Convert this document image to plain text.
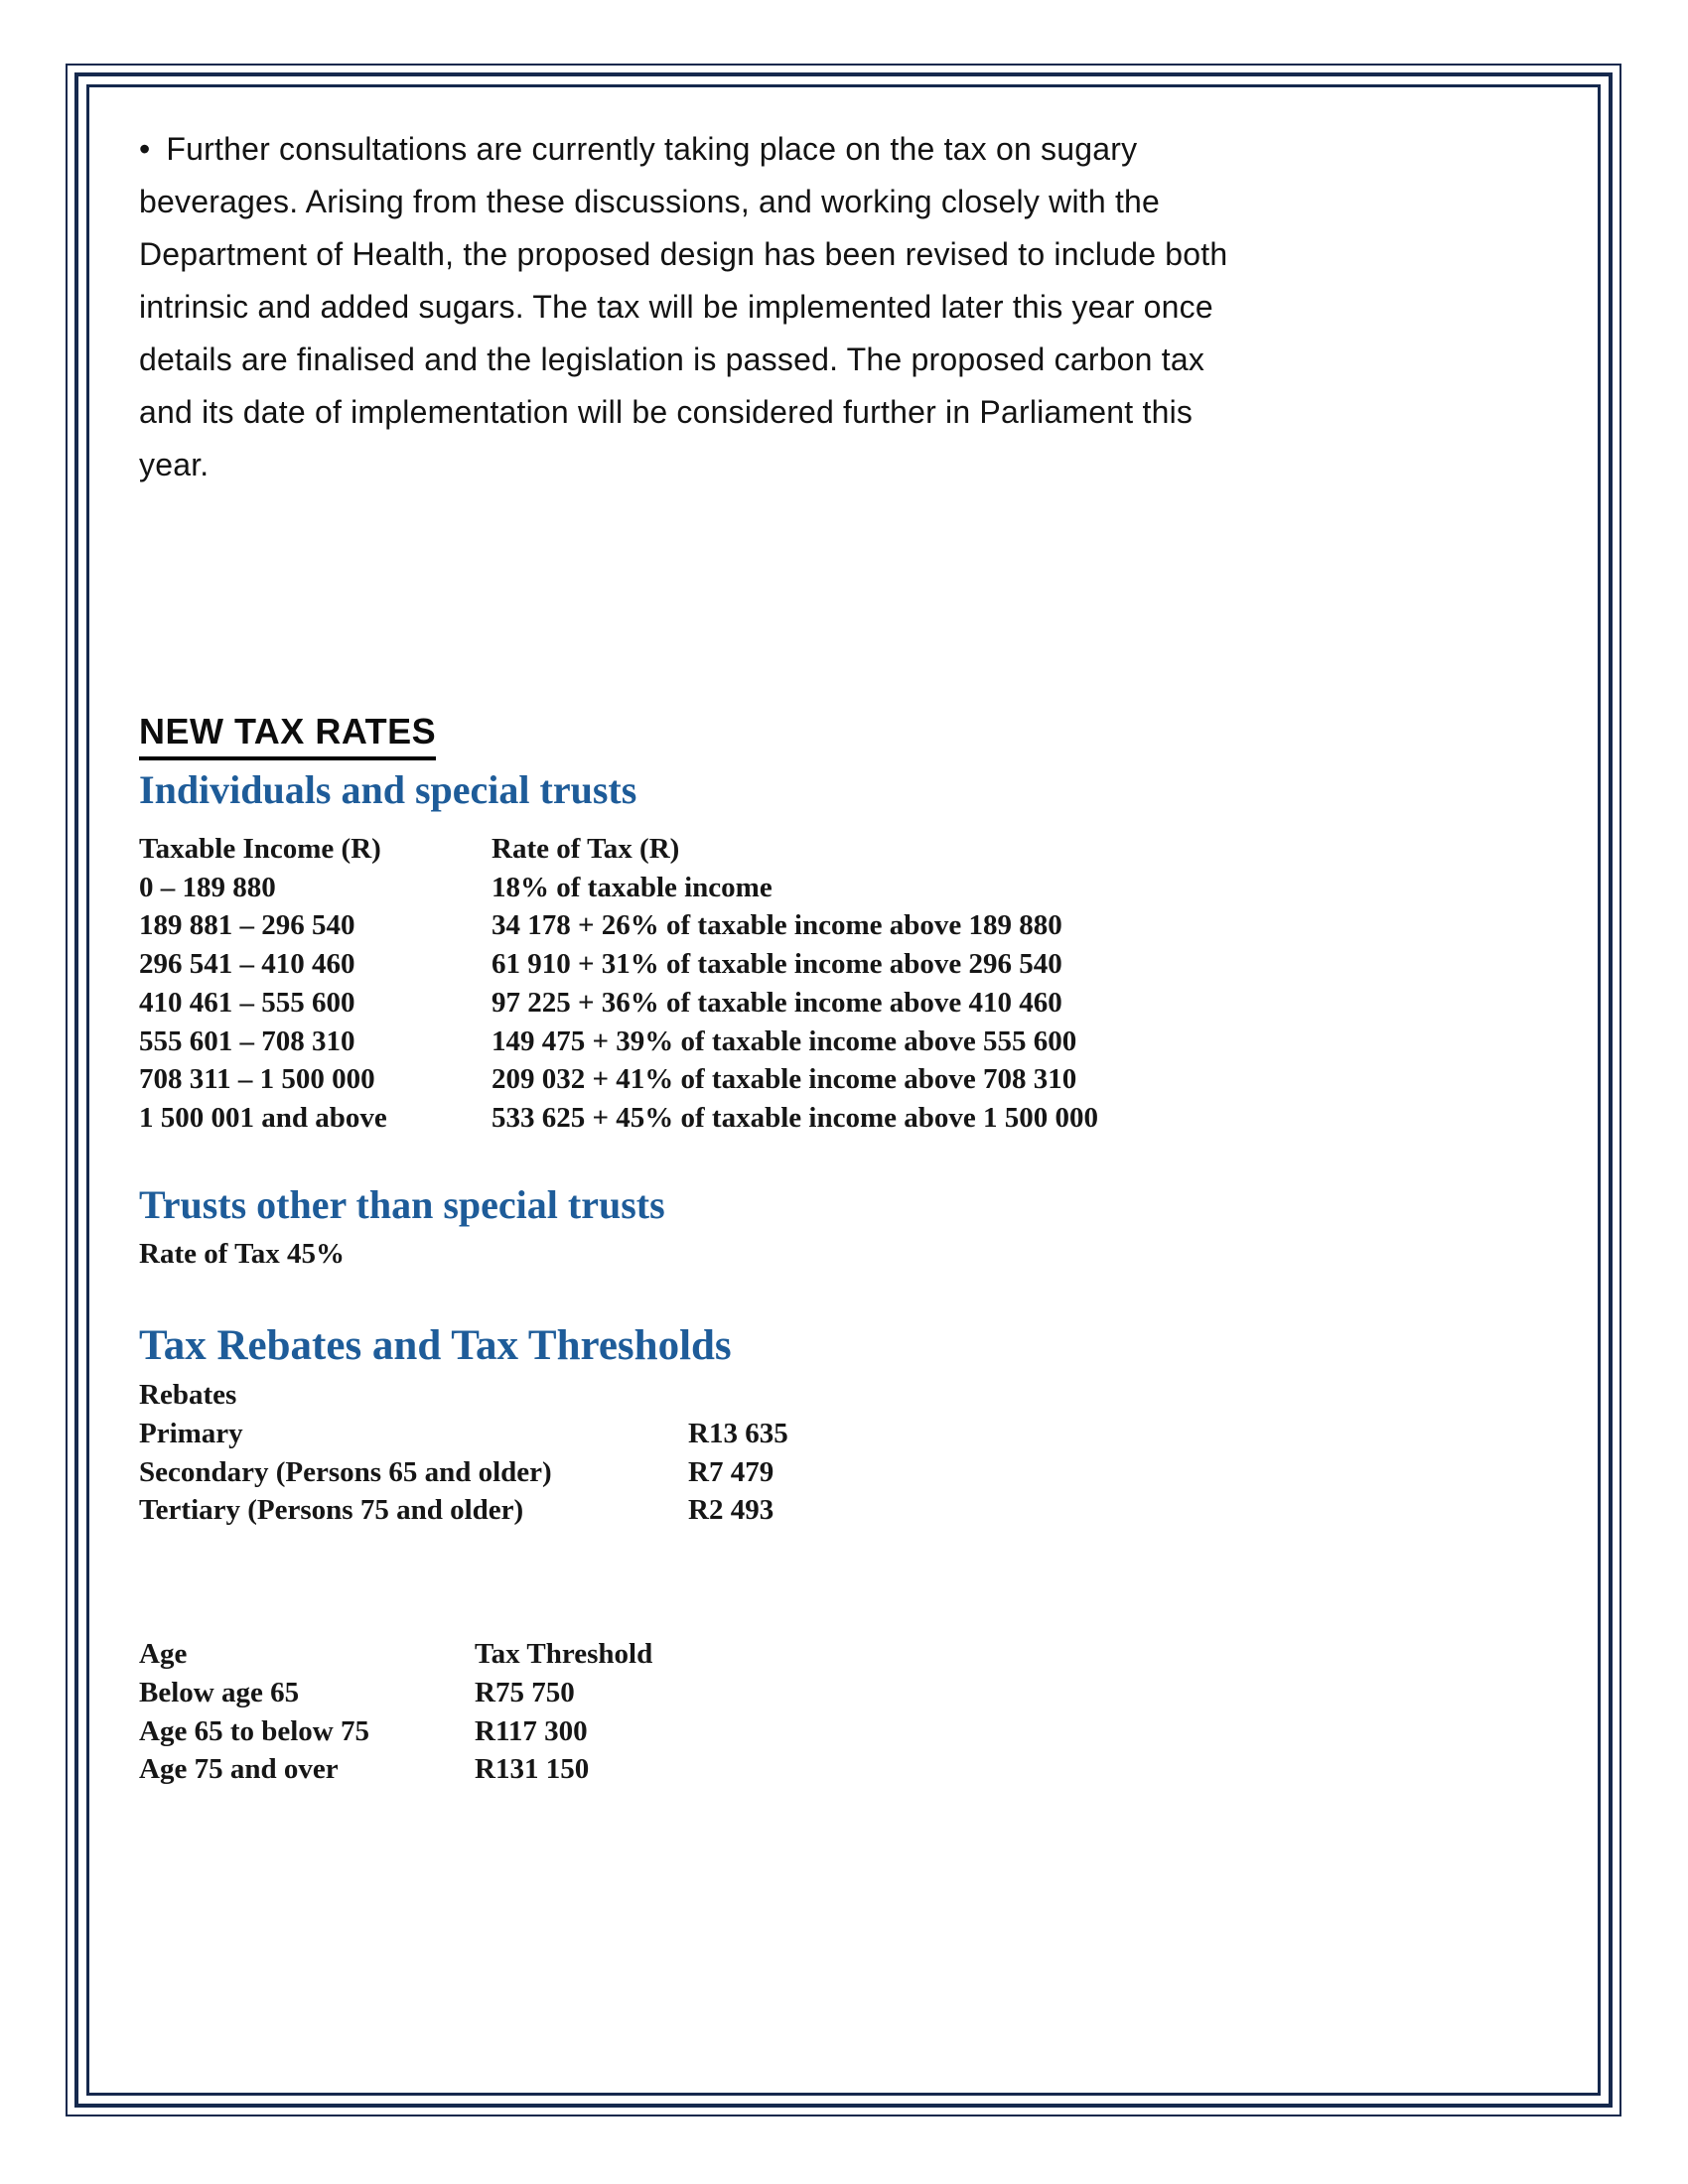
• Further consultations are currently taking place on the tax on sugary
beverages. Arising from these discussions, and working closely with the
Department of Health, the proposed design has been revised to include both
intrinsic and added sugars. The tax will be implemented later this year once
details are finalised and the legislation is passed. The proposed carbon tax
and its date of implementation will be considered further in Parliament this
year.
NEW TAX RATES
Individuals and special trusts
Taxable Income (R)	Rate of Tax (R)
0 – 189 880	18% of taxable income
189 881 – 296 540	34 178 + 26% of taxable income above 189 880
296 541 – 410 460	61 910 + 31% of taxable income above 296 540
410 461 – 555 600	97 225 + 36% of taxable income above 410 460
555 601 – 708 310	149 475 + 39% of taxable income above 555 600
708 311 – 1 500 000	209 032 + 41% of taxable income above 708 310
1 500 001 and above	533 625 + 45% of taxable income above 1 500 000
Trusts other than special trusts
Rate of Tax 45%
Tax Rebates and Tax Thresholds
Rebates
Primary	R13 635
Secondary (Persons 65 and older)	R7 479
Tertiary (Persons 75 and older)	R2 493
Age	Tax Threshold
Below age 65	R75 750
Age 65 to below 75	R117 300
Age 75 and over	R131 150
